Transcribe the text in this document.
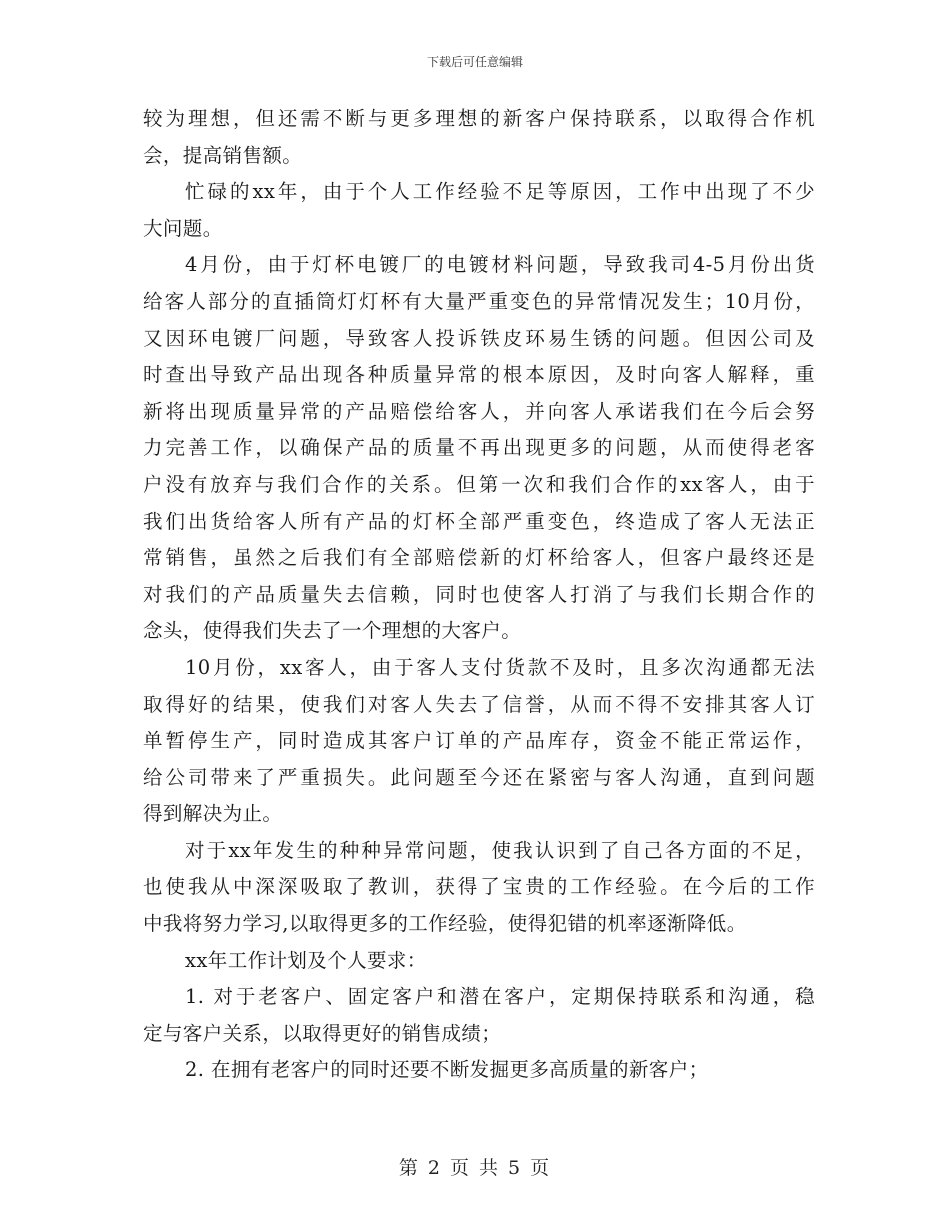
下载后可任意编辑

较为理想，但还需不断与更多理想的新客户保持联系，以取得合作机
会，提高销售额。

忙碌的xx年，由于个人工作经验不足等原因，工作中出现了不少
大问题。

4月份，由于灯杯电镀厂的电镀材料问题，导致我司4-5月份出货
给客人部分的直插筒灯灯杯有大量严重变色的异常情况发生；10月份，
又因环电镀厂问题，导致客人投诉铁皮环易生锈的问题。但因公司及
时查出导致产品出现各种质量异常的根本原因，及时向客人解释，重
新将出现质量异常的产品赔偿给客人，并向客人承诺我们在今后会努
力完善工作，以确保产品的质量不再出现更多的问题，从而使得老客
户没有放弃与我们合作的关系。但第一次和我们合作的xx客人，由于
我们出货给客人所有产品的灯杯全部严重变色，终造成了客人无法正
常销售，虽然之后我们有全部赔偿新的灯杯给客人，但客户最终还是
对我们的产品质量失去信赖，同时也使客人打消了与我们长期合作的
念头，使得我们失去了一个理想的大客户。

10月份，xx客人，由于客人支付货款不及时，且多次沟通都无法
取得好的结果，使我们对客人失去了信誉，从而不得不安排其客人订
单暂停生产，同时造成其客户订单的产品库存，资金不能正常运作，
给公司带来了严重损失。此问题至今还在紧密与客人沟通，直到问题
得到解决为止。

对于xx年发生的种种异常问题，使我认识到了自己各方面的不足，
也使我从中深深吸取了教训，获得了宝贵的工作经验。在今后的工作
中我将努力学习,以取得更多的工作经验，使得犯错的机率逐渐降低。

xx年工作计划及个人要求：

1. 对于老客户、固定客户和潜在客户，定期保持联系和沟通，稳
定与客户关系，以取得更好的销售成绩；

2. 在拥有老客户的同时还要不断发掘更多高质量的新客户；

第 2 页 共 5 页
